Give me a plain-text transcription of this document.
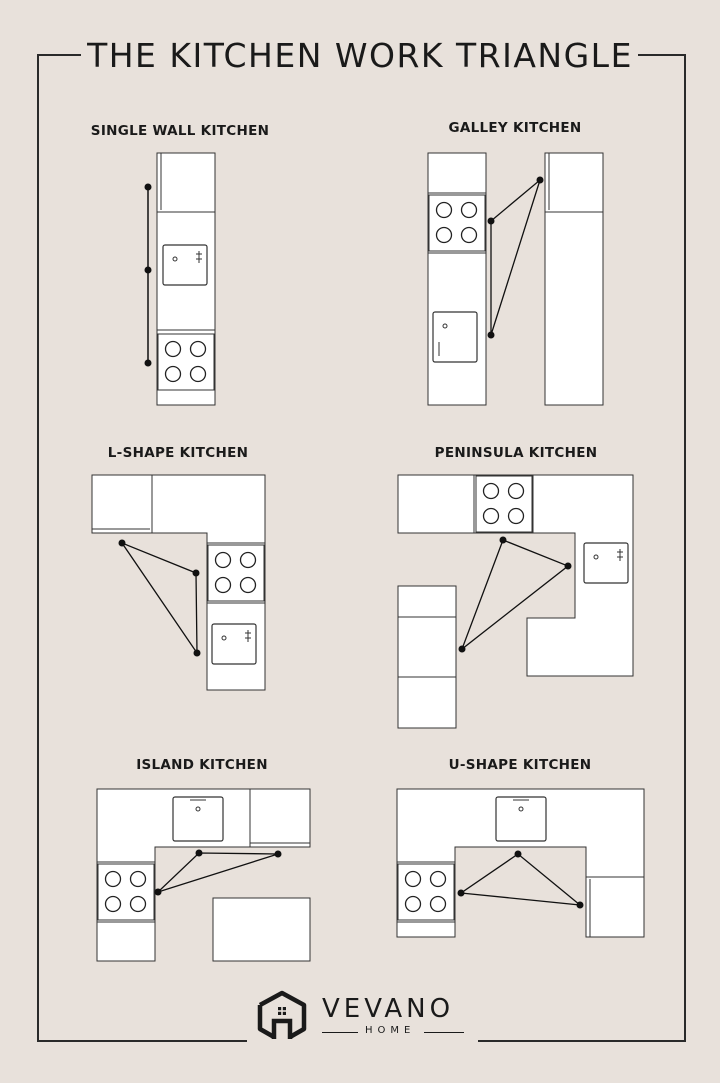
THE KITCHEN WORK TRIANGLE
SINGLE WALL KITCHEN	GALLEY KITCHEN
L-SHAPE KITCHEN	PENINSULA KITCHEN
ISLAND KITCHEN	U-SHAPE KITCHEN
VEVANO
HOME
